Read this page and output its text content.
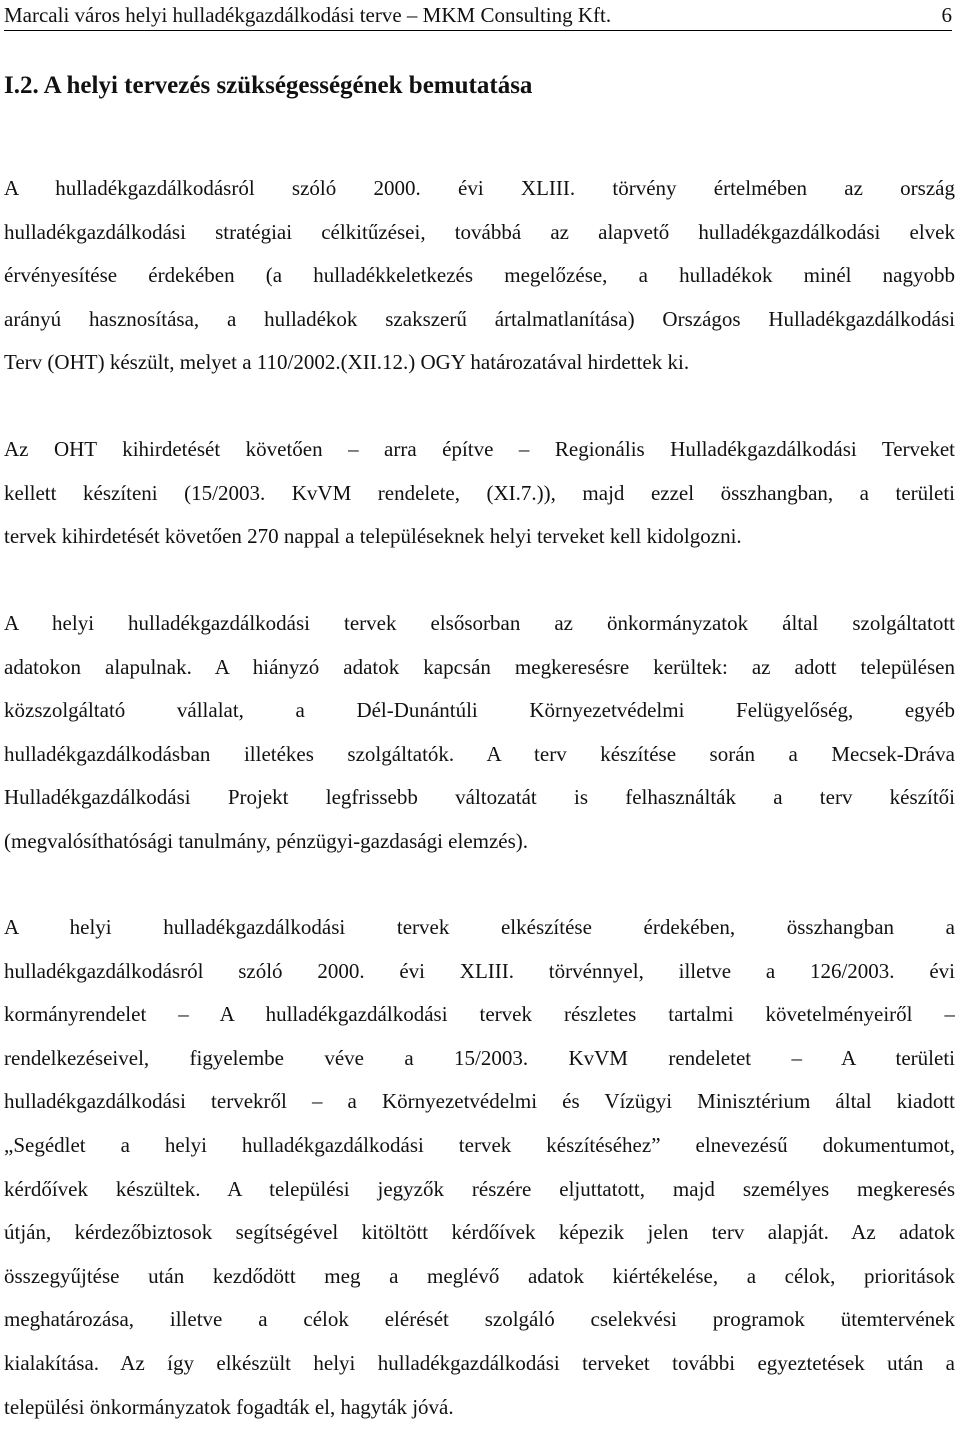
Marcali város helyi hulladékgazdálkodási terve – MKM Consulting Kft.	6
I.2. A helyi tervezés szükségességének bemutatása
A hulladékgazdálkodásról szóló 2000. évi XLIII. törvény értelmében az ország
hulladékgazdálkodási stratégiai célkitűzései, továbbá az alapvető hulladékgazdálkodási elvek
érvényesítése érdekében (a hulladékkeletkezés megelőzése, a hulladékok minél nagyobb
arányú hasznosítása, a hulladékok szakszerű ártalmatlanítása) Országos Hulladékgazdálkodási
Terv (OHT) készült, melyet a 110/2002.(XII.12.) OGY határozatával hirdettek ki.
Az OHT kihirdetését követően – arra építve – Regionális Hulladékgazdálkodási Terveket
kellett készíteni (15/2003. KvVM rendelete, (XI.7.)), majd ezzel összhangban, a területi
tervek kihirdetését követően 270 nappal a településeknek helyi terveket kell kidolgozni.
A helyi hulladékgazdálkodási tervek elsősorban az önkormányzatok által szolgáltatott
adatokon alapulnak. A hiányzó adatok kapcsán megkeresésre kerültek: az adott településen
közszolgáltató vállalat, a Dél-Dunántúli Környezetvédelmi Felügyelőség, egyéb
hulladékgazdálkodásban illetékes szolgáltatók. A terv készítése során a Mecsek-Dráva
Hulladékgazdálkodási Projekt legfrissebb változatát is felhasználták a terv készítői
(megvalósíthatósági tanulmány, pénzügyi-gazdasági elemzés).
A helyi hulladékgazdálkodási tervek elkészítése érdekében, összhangban a
hulladékgazdálkodásról szóló 2000. évi XLIII. törvénnyel, illetve a 126/2003. évi
kormányrendelet – A hulladékgazdálkodási tervek részletes tartalmi követelményeiről –
rendelkezéseivel, figyelembe véve a 15/2003. KvVM rendeletet – A területi
hulladékgazdálkodási tervekről – a Környezetvédelmi és Vízügyi Minisztérium által kiadott
„Segédlet a helyi hulladékgazdálkodási tervek készítéséhez” elnevezésű dokumentumot,
kérdőívek készültek. A települési jegyzők részére eljuttatott, majd személyes megkeresés
útján, kérdezőbiztosok segítségével kitöltött kérdőívek képezik jelen terv alapját. Az adatok
összegyűjtése után kezdődött meg a meglévő adatok kiértékelése, a célok, prioritások
meghatározása, illetve a célok elérését szolgáló cselekvési programok ütemtervének
kialakítása. Az így elkészült helyi hulladékgazdálkodási terveket további egyeztetések után a
települési önkormányzatok fogadták el, hagyták jóvá.
